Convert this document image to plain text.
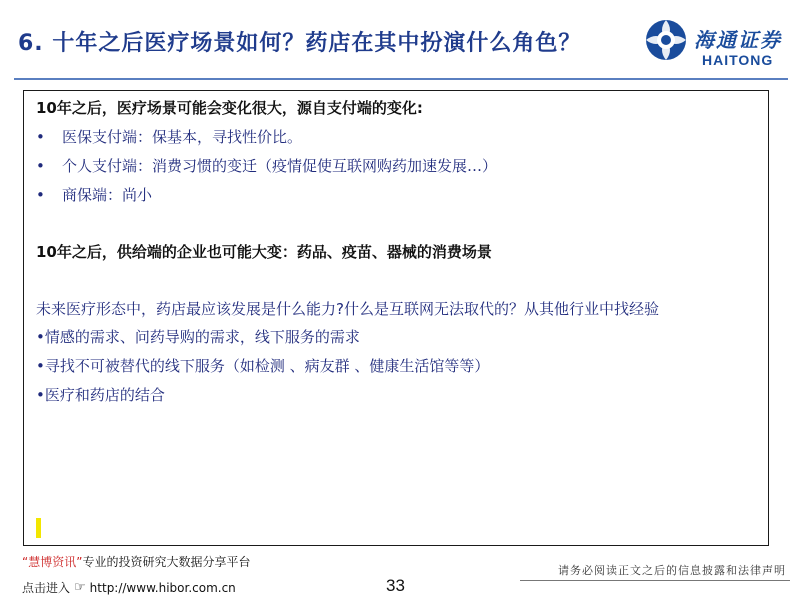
6. 十年之后医疗场景如何？药店在其中扮演什么角色？	海通证券
HAITONG
10年之后，医疗场景可能会变化很大，源自支付端的变化:
• 医保支付端：保基本，寻找性价比。
• 个人支付端：消费习惯的变迁（疫情促使互联网购药加速发展…）
• 商保端：尚小
10年之后，供给端的企业也可能大变：药品、疫苗、器械的消费场景
未来医疗形态中，药店最应该发展是什么能力?什么是互联网无法取代的？从其他行业中找经验
•情感的需求、问药导购的需求，线下服务的需求
•寻找不可被替代的线下服务（如检测 、病友群 、健康生活馆等等）
•医疗和药店的结合
“慧博资讯”专业的投资研究大数据分享平台
点击进入 ☞ http://www.hibor.com.cn	33
请务必阅读正文之后的信息披露和法律声明
